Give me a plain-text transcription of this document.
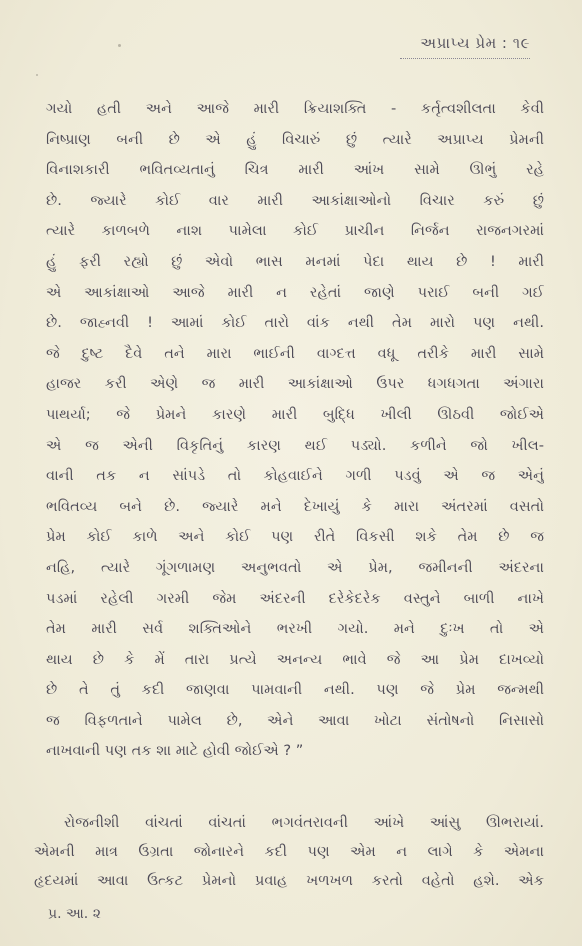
અપ્રાપ્ય પ્રેમ : ૧૯

ગયો હતી અને આજે મારી ક્રિયાશક્તિ - કર્તૃત્વશીલતા કેવી

નિષ્પ્રાણ બની છે એ હું વિચારું છું ત્યારે અપ્રાપ્ય પ્રેમની

વિનાશકારી ભવિતવ્યતાનું ચિત્ર મારી આંખ સામે ઊભું રહે

છે. જ્યારે કોઈ વાર મારી આકાંક્ષાઓનો વિચાર કરું છું

ત્યારે કાળબળે નાશ પામેલા કોઈ પ્રાચીન નિર્જન રાજનગરમાં

હું ફરી રહ્યો છું એવો ભાસ મનમાં પેદા થાય છે ! મારી

એ આકાંક્ષાઓ આજે મારી ન રહેતાં જાણે પરાઈ બની ગઈ

છે. જાહ્નવી ! આમાં કોઈ તારો વાંક નથી તેમ મારો પણ નથી.

જે દુષ્ટ દૈવે તને મારા ભાઈની વાગ્દત્ત વધૂ તરીકે મારી સામે

હાજર કરી એણે જ મારી આકાંક્ષાઓ ઉપર ધગધગતા અંગારા

પાથર્યા; જે પ્રેમને કારણે મારી બુદ્ધિ ખીલી ઊઠવી જોઈએ

એ જ એની વિકૃતિનું કારણ થઈ પડ્યો. કળીને જો ખીલ-

વાની તક ન સાંપડે તો કોહવાઈને ગળી પડવું એ જ એનું

ભવિતવ્ય બને છે. જ્યારે મને દેખાયું કે મારા અંતરમાં વસતો

પ્રેમ કોઈ કાળે અને કોઈ પણ રીતે વિકસી શકે તેમ છે જ

નહિ, ત્યારે ગૂંગળામણ અનુભવતો એ પ્રેમ, જમીનની અંદરના

પડમાં રહેલી ગરમી જેમ અંદરની દરેકેદરેક વસ્તુને બાળી નાખે

તેમ મારી સર્વ શક્તિઓને ભરખી ગયો. મને દુઃખ તો એ

થાય છે કે મેં તારા પ્રત્યે અનન્ય ભાવે જે આ પ્રેમ દાખવ્યો

છે તે તું કદી જાણવા પામવાની નથી. પણ જે પ્રેમ જન્મથી

જ વિફળતાને પામેલ છે, એને આવા ખોટા સંતોષનો નિસાસો

નાખવાની પણ તક શા માટે હોવી જોઈએ ? ”

રોજનીશી વાંચતાં વાંચતાં ભગવંતરાવની આંખે આંસુ ઊભરાયાં.

એમની માત્ર ઉગ્રતા જોનારને કદી પણ એમ ન લાગે કે એમના

હૃદયમાં આવા ઉત્કટ પ્રેમનો પ્રવાહ ખળખળ કરતો વહેતો હશે. એક

પ્ર. આ. ૨
